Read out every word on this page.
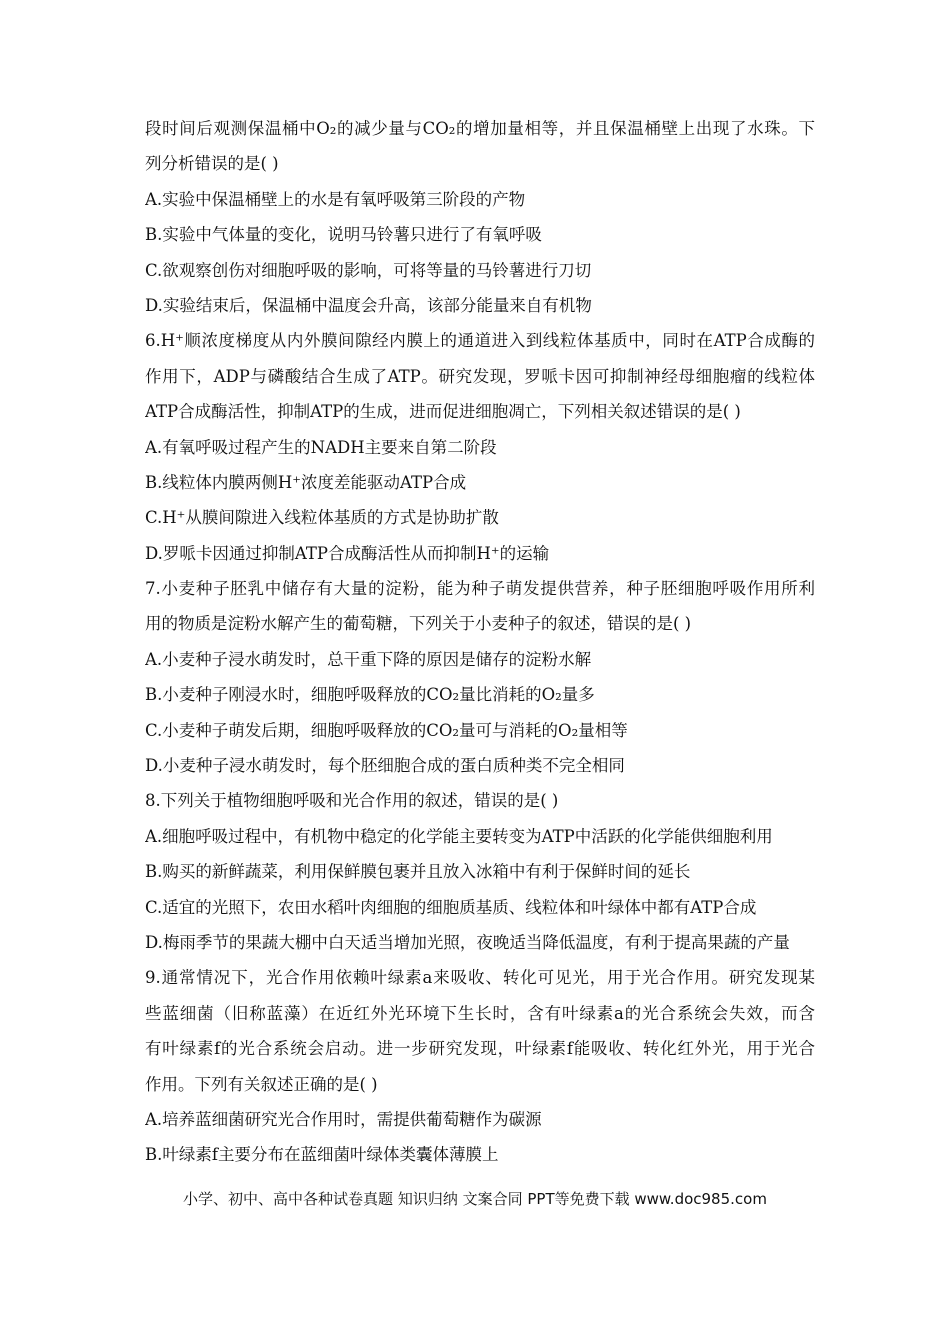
段时间后观测保温桶中O₂的减少量与CO₂的增加量相等，并且保温桶壁上出现了水珠。下
列分析错误的是( )
A.实验中保温桶壁上的水是有氧呼吸第三阶段的产物
B.实验中气体量的变化，说明马铃薯只进行了有氧呼吸
C.欲观察创伤对细胞呼吸的影响，可将等量的马铃薯进行刀切
D.实验结束后，保温桶中温度会升高，该部分能量来自有机物
6.H⁺顺浓度梯度从内外膜间隙经内膜上的通道进入到线粒体基质中，同时在ATP合成酶的
作用下，ADP与磷酸结合生成了ATP。研究发现，罗哌卡因可抑制神经母细胞瘤的线粒体
ATP合成酶活性，抑制ATP的生成，进而促进细胞凋亡，下列相关叙述错误的是( )
A.有氧呼吸过程产生的NADH主要来自第二阶段
B.线粒体内膜两侧H⁺浓度差能驱动ATP合成
C.H⁺从膜间隙进入线粒体基质的方式是协助扩散
D.罗哌卡因通过抑制ATP合成酶活性从而抑制H⁺的运输
7.小麦种子胚乳中储存有大量的淀粉，能为种子萌发提供营养，种子胚细胞呼吸作用所利
用的物质是淀粉水解产生的葡萄糖，下列关于小麦种子的叙述，错误的是( )
A.小麦种子浸水萌发时，总干重下降的原因是储存的淀粉水解
B.小麦种子刚浸水时，细胞呼吸释放的CO₂量比消耗的O₂量多
C.小麦种子萌发后期，细胞呼吸释放的CO₂量可与消耗的O₂量相等
D.小麦种子浸水萌发时，每个胚细胞合成的蛋白质种类不完全相同
8.下列关于植物细胞呼吸和光合作用的叙述，错误的是( )
A.细胞呼吸过程中，有机物中稳定的化学能主要转变为ATP中活跃的化学能供细胞利用
B.购买的新鲜蔬菜，利用保鲜膜包裹并且放入冰箱中有利于保鲜时间的延长
C.适宜的光照下，农田水稻叶肉细胞的细胞质基质、线粒体和叶绿体中都有ATP合成
D.梅雨季节的果蔬大棚中白天适当增加光照，夜晚适当降低温度，有利于提高果蔬的产量
9.通常情况下，光合作用依赖叶绿素a来吸收、转化可见光，用于光合作用。研究发现某
些蓝细菌（旧称蓝藻）在近红外光环境下生长时，含有叶绿素a的光合系统会失效，而含
有叶绿素f的光合系统会启动。进一步研究发现，叶绿素f能吸收、转化红外光，用于光合
作用。下列有关叙述正确的是( )
A.培养蓝细菌研究光合作用时，需提供葡萄糖作为碳源
B.叶绿素f主要分布在蓝细菌叶绿体类囊体薄膜上
小学、初中、高中各种试卷真题 知识归纳 文案合同 PPT等免费下载 www.doc985.com
